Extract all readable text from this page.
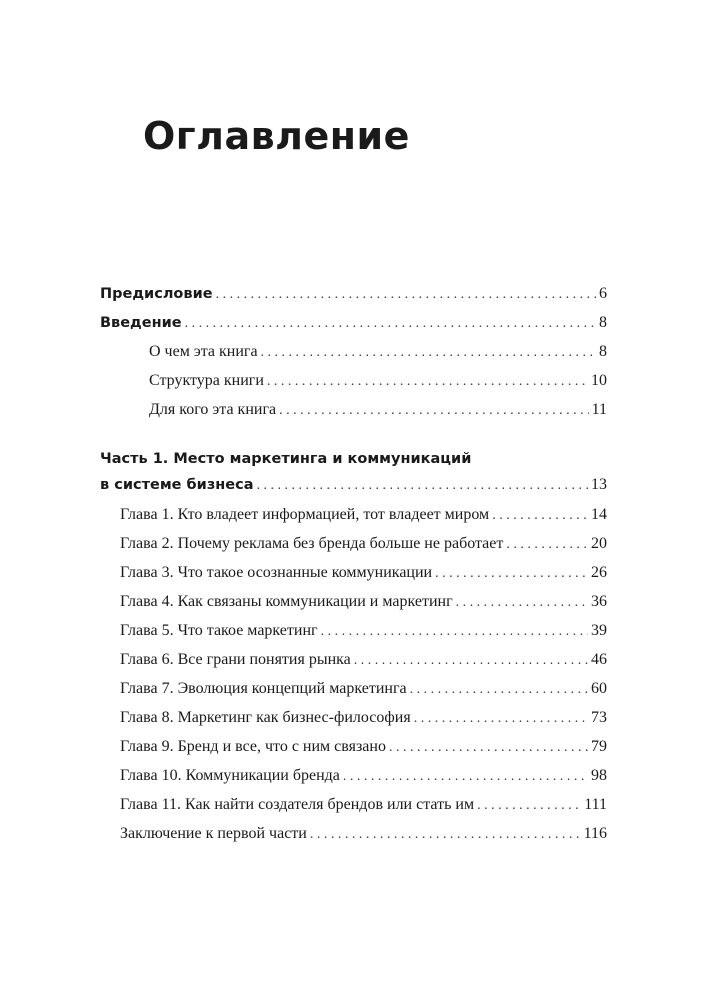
Оглавление
Предисловие . . .	6
Введение . . .	8
О чем эта книга . . .	8
Структура книги . . .	10
Для кого эта книга . . .	11
Часть 1. Место маркетинга и коммуникаций
в системе бизнеса . . .	13
Глава 1. Кто владеет информацией, тот владеет миром . . .	14
Глава 2. Почему реклама без бренда больше не работает . . .	20
Глава 3. Что такое осознанные коммуникации . . .	26
Глава 4. Как связаны коммуникации и маркетинг . . .	36
Глава 5. Что такое маркетинг . . .	39
Глава 6. Все грани понятия рынка . . .	46
Глава 7. Эволюция концепций маркетинга . . .	60
Глава 8. Маркетинг как бизнес-философия . . .	73
Глава 9. Бренд и все, что с ним связано . . .	79
Глава 10. Коммуникации бренда . . .	98
Глава 11. Как найти создателя брендов или стать им . . .	111
Заключение к первой части . . .	116
